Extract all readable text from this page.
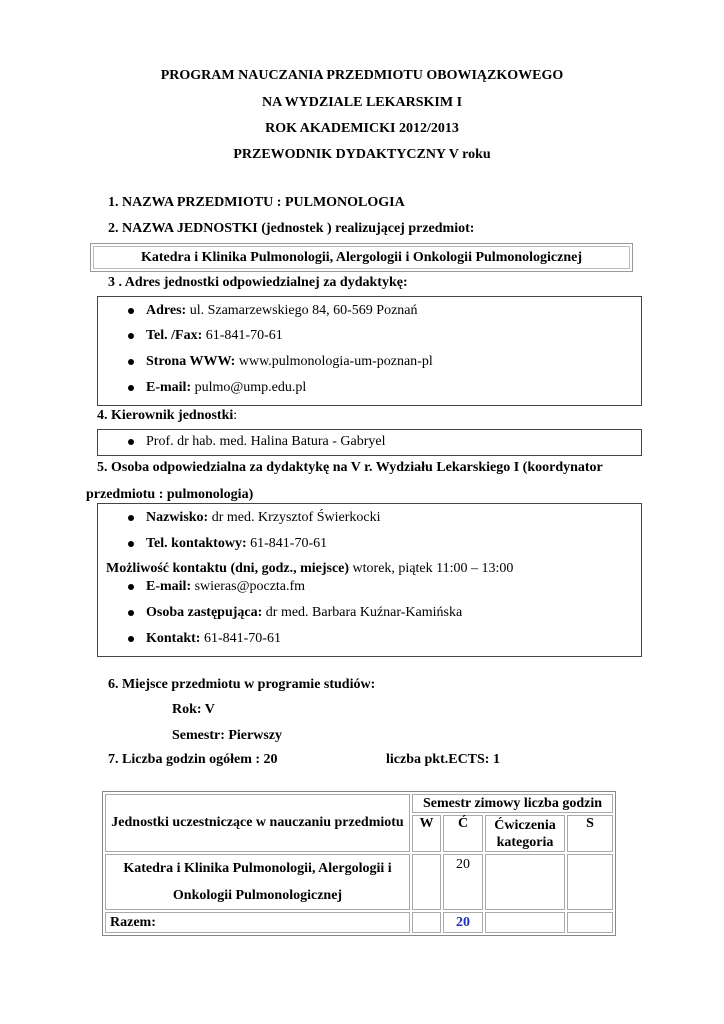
PROGRAM NAUCZANIA PRZEDMIOTU OBOWIĄZKOWEGO
NA WYDZIALE LEKARSKIM I
ROK AKADEMICKI 2012/2013
PRZEWODNIK DYDAKTYCZNY V roku
1. NAZWA PRZEDMIOTU : PULMONOLOGIA
2. NAZWA JEDNOSTKI (jednostek ) realizującej przedmiot:
Katedra i Klinika Pulmonologii, Alergologii i Onkologii Pulmonologicznej
3 . Adres jednostki odpowiedzialnej za dydaktykę:
Adres: ul. Szamarzewskiego 84, 60-569 Poznań
Tel. /Fax: 61-841-70-61
Strona WWW: www.pulmonologia-um-poznan-pl
E-mail: pulmo@ump.edu.pl
4. Kierownik jednostki:
Prof. dr hab. med. Halina Batura - Gabryel
5. Osoba odpowiedzialna za dydaktykę na V r. Wydziału Lekarskiego I (koordynator
przedmiotu : pulmonologia)
Nazwisko: dr med. Krzysztof Świerkocki
Tel. kontaktowy: 61-841-70-61
Możliwość kontaktu (dni, godz., miejsce) wtorek, piątek 11:00 – 13:00
E-mail: swieras@poczta.fm
Osoba zastępująca: dr med. Barbara Kuźnar-Kamińska
Kontakt: 61-841-70-61
6. Miejsce przedmiotu w programie studiów:
Rok: V
Semestr: Pierwszy
7. Liczba godzin ogółem : 20	liczba pkt.ECTS: 1
Jednostki uczestniczące w nauczaniu przedmiotu	Semestr zimowy liczba godzin			
	W	Ć	Ćwiczenia kategoria	S
Katedra i Klinika Pulmonologii, Alergologii i
Onkologii Pulmonologicznej		20		
Razem:		20		
